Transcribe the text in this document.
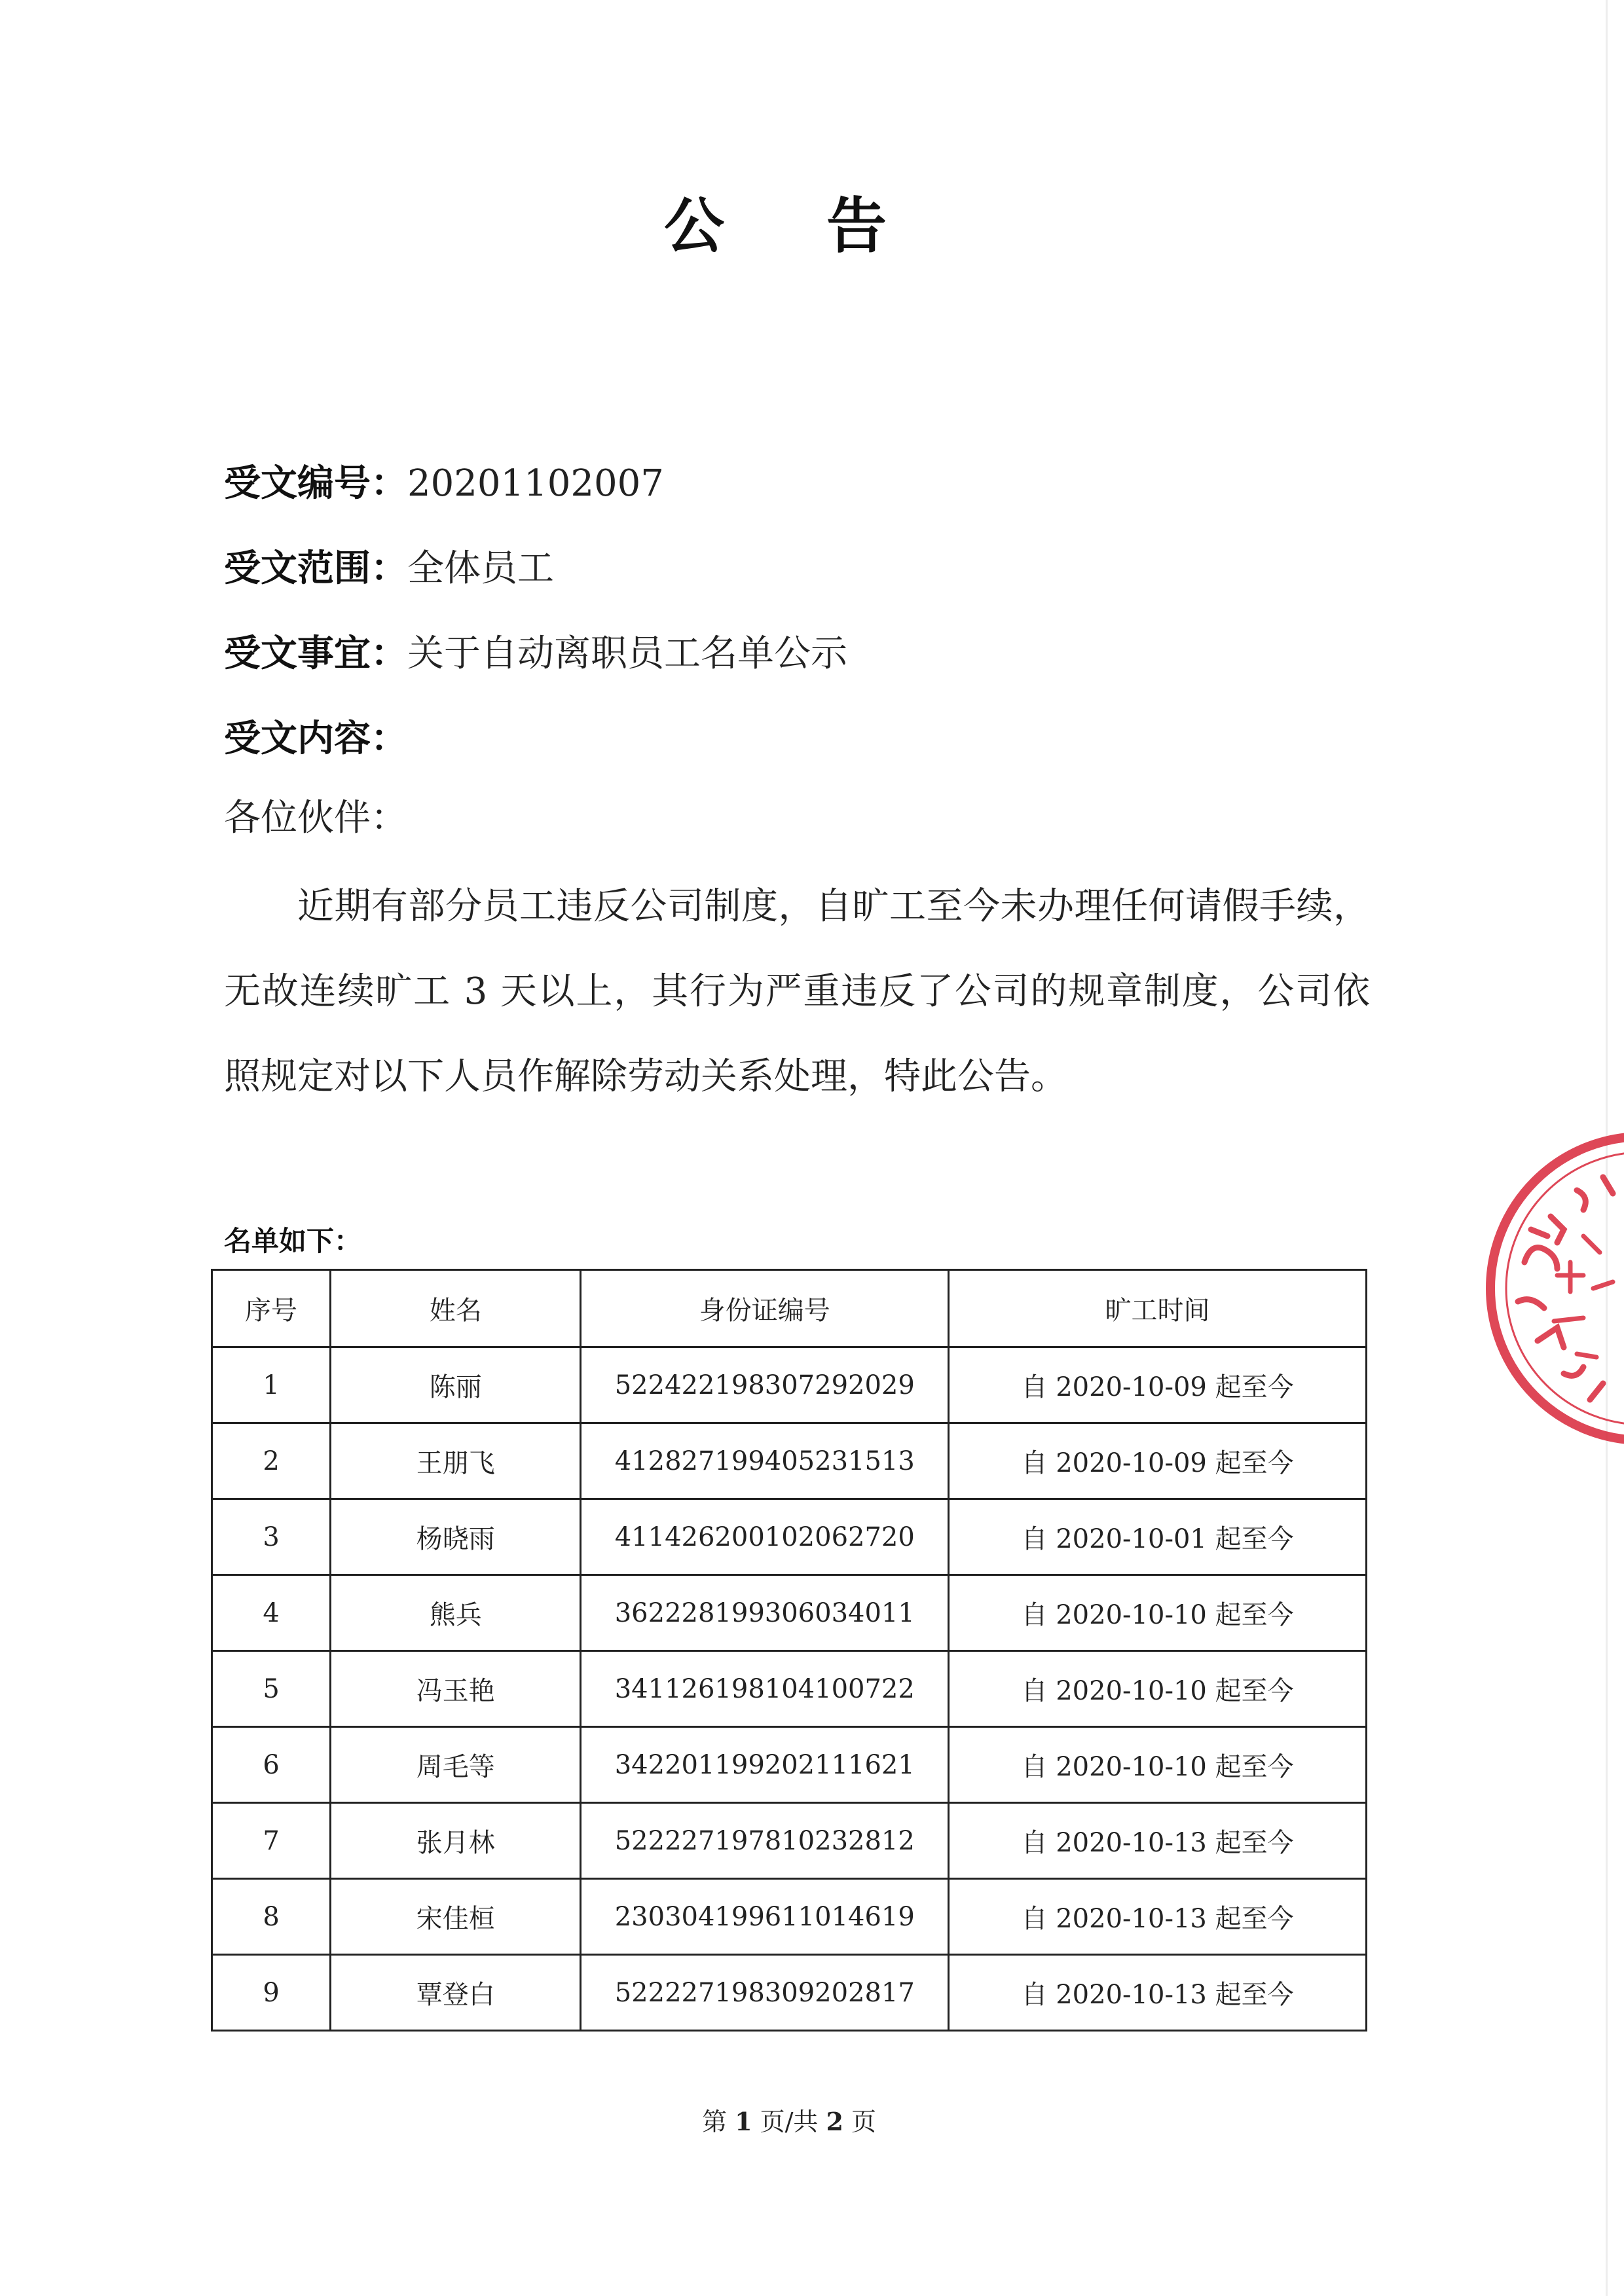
公 告
受文编号：20201102007
受文范围：全体员工
受文事宜：关于自动离职员工名单公示
受文内容：
各位伙伴：
近期有部分员工违反公司制度，自旷工至今未办理任何请假手续，无故连续旷工 3 天以上，其行为严重违反了公司的规章制度，公司依照规定对以下人员作解除劳动关系处理，特此公告。
名单如下：
序号	姓名	身份证编号	旷工时间
1	陈丽	522422198307292029	自 2020-10-09 起至今
2	王朋飞	412827199405231513	自 2020-10-09 起至今
3	杨晓雨	411426200102062720	自 2020-10-01 起至今
4	熊兵	362228199306034011	自 2020-10-10 起至今
5	冯玉艳	341126198104100722	自 2020-10-10 起至今
6	周毛等	342201199202111621	自 2020-10-10 起至今
7	张月林	522227197810232812	自 2020-10-13 起至今
8	宋佳桓	230304199611014619	自 2020-10-13 起至今
9	覃登白	522227198309202817	自 2020-10-13 起至今
第 1 页/共 2 页
